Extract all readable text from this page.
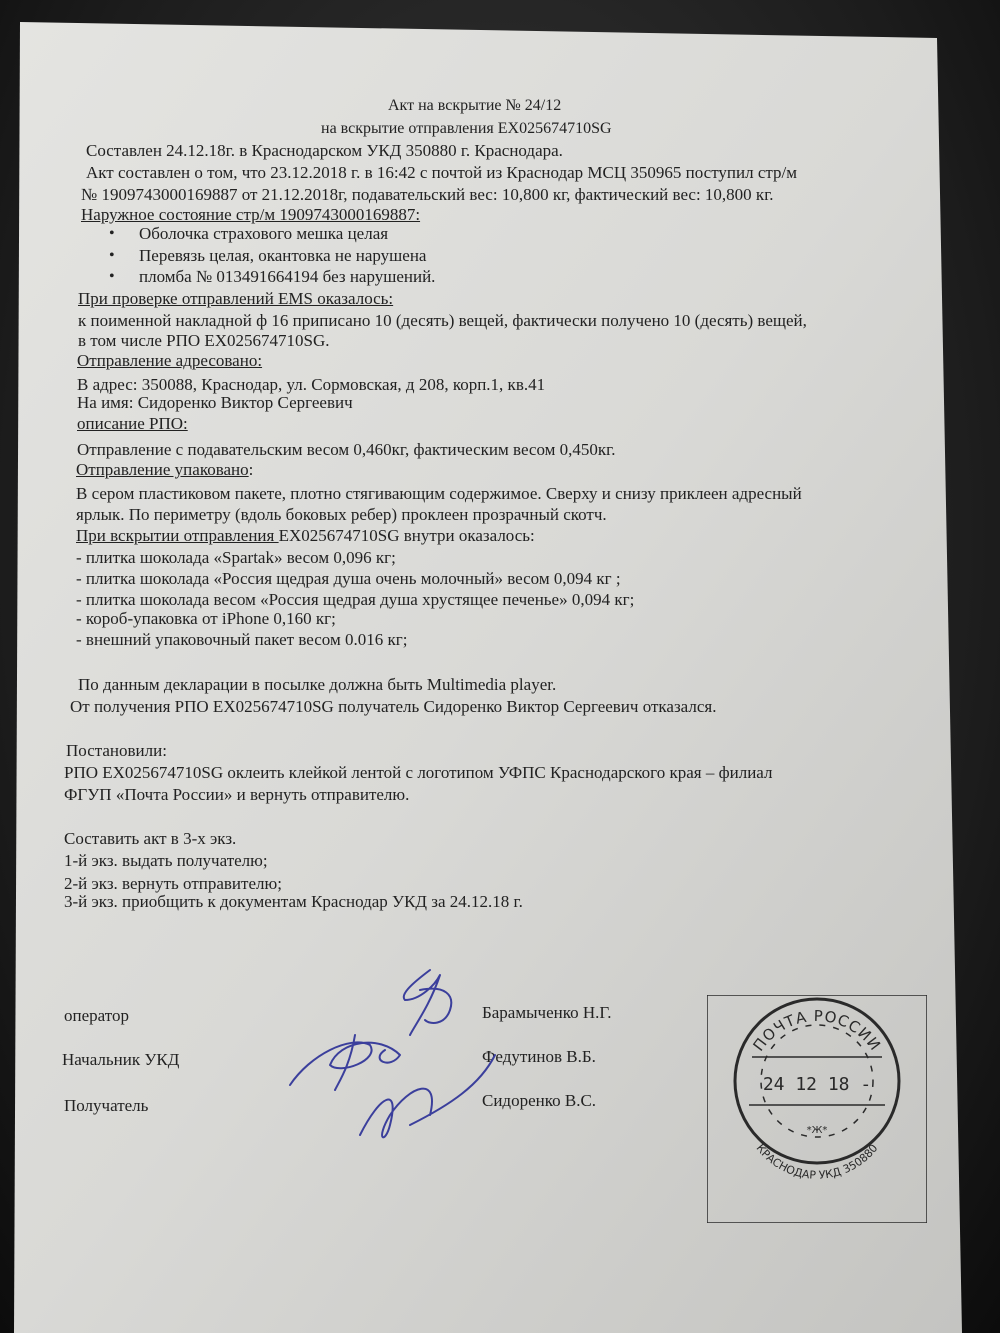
Акт на вскрытие № 24/12
на вскрытие отправления EX025674710SG
Составлен 24.12.18г. в Краснодарском УКД 350880 г. Краснодара.
Акт составлен о том, что 23.12.2018 г. в 16:42 с почтой из Краснодар МСЦ 350965 поступил стр/м
№ 1909743000169887 от 21.12.2018г, подавательский вес: 10,800 кг, фактический вес: 10,800 кг.
Наружное состояние стр/м 1909743000169887:
• Оболочка страхового мешка целая
• Перевязь целая, окантовка не нарушена
• пломба № 013491664194 без нарушений.
При проверке отправлений EMS оказалось:
к поименной накладной ф 16 приписано 10 (десять) вещей, фактически получено 10 (десять) вещей,
в том числе РПО EX025674710SG.
Отправление адресовано:
В адрес: 350088, Краснодар, ул. Сормовская, д 208, корп.1, кв.41
На имя: Сидоренко Виктор Сергеевич
описание РПО:
Отправление с подавательским весом 0,460кг, фактическим весом 0,450кг.
Отправление упаковано:
В сером пластиковом пакете, плотно стягивающим содержимое. Сверху и снизу приклеен адресный
ярлык. По периметру (вдоль боковых ребер) проклеен прозрачный скотч.
При вскрытии отправления EX025674710SG внутри оказалось:
- плитка шоколада «Spartak» весом 0,096 кг;
- плитка шоколада «Россия щедрая душа очень молочный» весом 0,094 кг ;
- плитка шоколада весом «Россия щедрая душа хрустящее печенье» 0,094 кг;
- короб-упаковка от iPhone 0,160 кг;
- внешний упаковочный пакет весом 0.016 кг;
По данным декларации в посылке должна быть Multimedia player.
От получения РПО EX025674710SG получатель Сидоренко Виктор Сергеевич отказался.
Постановили:
РПО EX025674710SG оклеить клейкой лентой с логотипом УФПС Краснодарского края – филиал
ФГУП «Почта России» и вернуть отправителю.
Составить акт в 3-х экз.
1-й экз. выдать получателю;
2-й экз. вернуть отправителю;
3-й экз. приобщить к документам Краснодар УКД за 24.12.18 г.
оператор	Барамыченко Н.Г.
Начальник УКД	Федутинов В.Б.
Получатель	Сидоренко В.С.
ПОЧТА РОССИИ
24 12 18 -
*Ж*
КРАСНОДАР УКД 350880
